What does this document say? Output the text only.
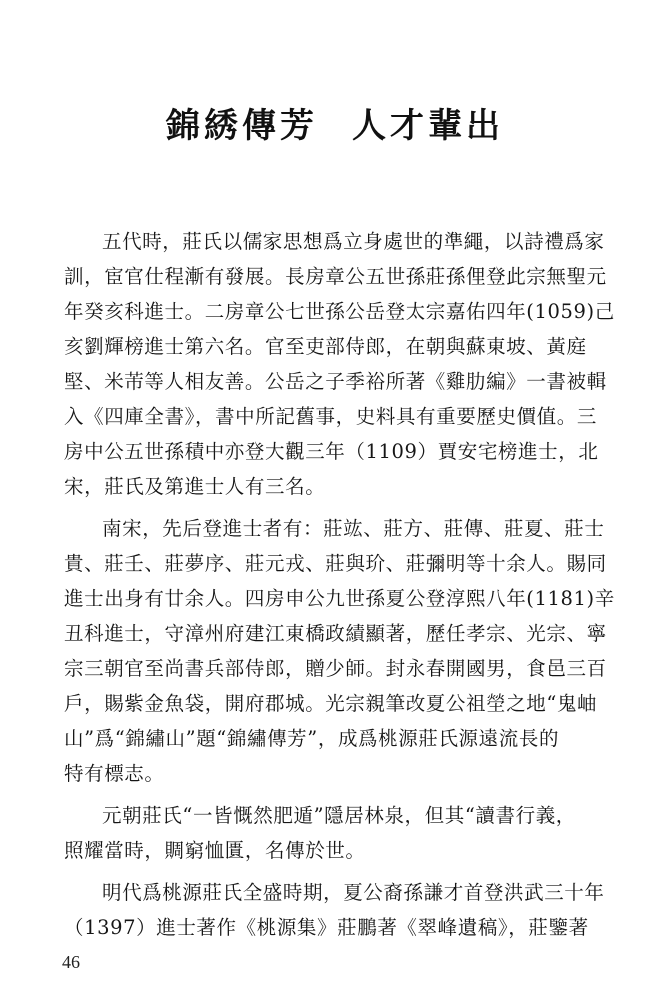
錦綉傳芳 人才輩出
五代時，莊氏以儒家思想爲立身處世的準繩，以詩禮爲家
訓，宦官仕程漸有發展。長房章公五世孫莊孫俚登此宗無聖元
年癸亥科進士。二房章公七世孫公岳登太宗嘉佑四年(1059)己
亥劉輝榜進士第六名。官至吏部侍郎，在朝與蘇東坡、黃庭
堅、米芾等人相友善。公岳之子季裕所著《雞肋編》一書被輯
入《四庫全書》，書中所記舊事，史料具有重要歷史價值。三
房中公五世孫積中亦登大觀三年（1109）賈安宅榜進士，北
宋，莊氏及第進士人有三名。
南宋，先后登進士者有：莊竑、莊方、莊傳、莊夏、莊士
貴、莊壬、莊夢序、莊元戎、莊與玠、莊彌明等十余人。賜同
進士出身有廿余人。四房申公九世孫夏公登淳熙八年(1181)辛
丑科進士，守漳州府建江東橋政績顯著，歷任孝宗、光宗、寧
宗三朝官至尚書兵部侍郎，贈少師。封永春開國男，食邑三百
戶，賜紫金魚袋，開府郡城。光宗親筆改夏公祖塋之地“鬼岫
山”爲“錦繡山”題“錦繡傳芳”，成爲桃源莊氏源遠流長的
特有標志。
元朝莊氏“一皆慨然肥遁”隱居林泉，但其“讀書行義，
照耀當時，賙窮恤匱，名傳於世。
明代爲桃源莊氏全盛時期，夏公裔孫謙才首登洪武三十年
（1397）進士著作《桃源集》莊鵬著《翠峰遺稿》，莊鑒著
46
